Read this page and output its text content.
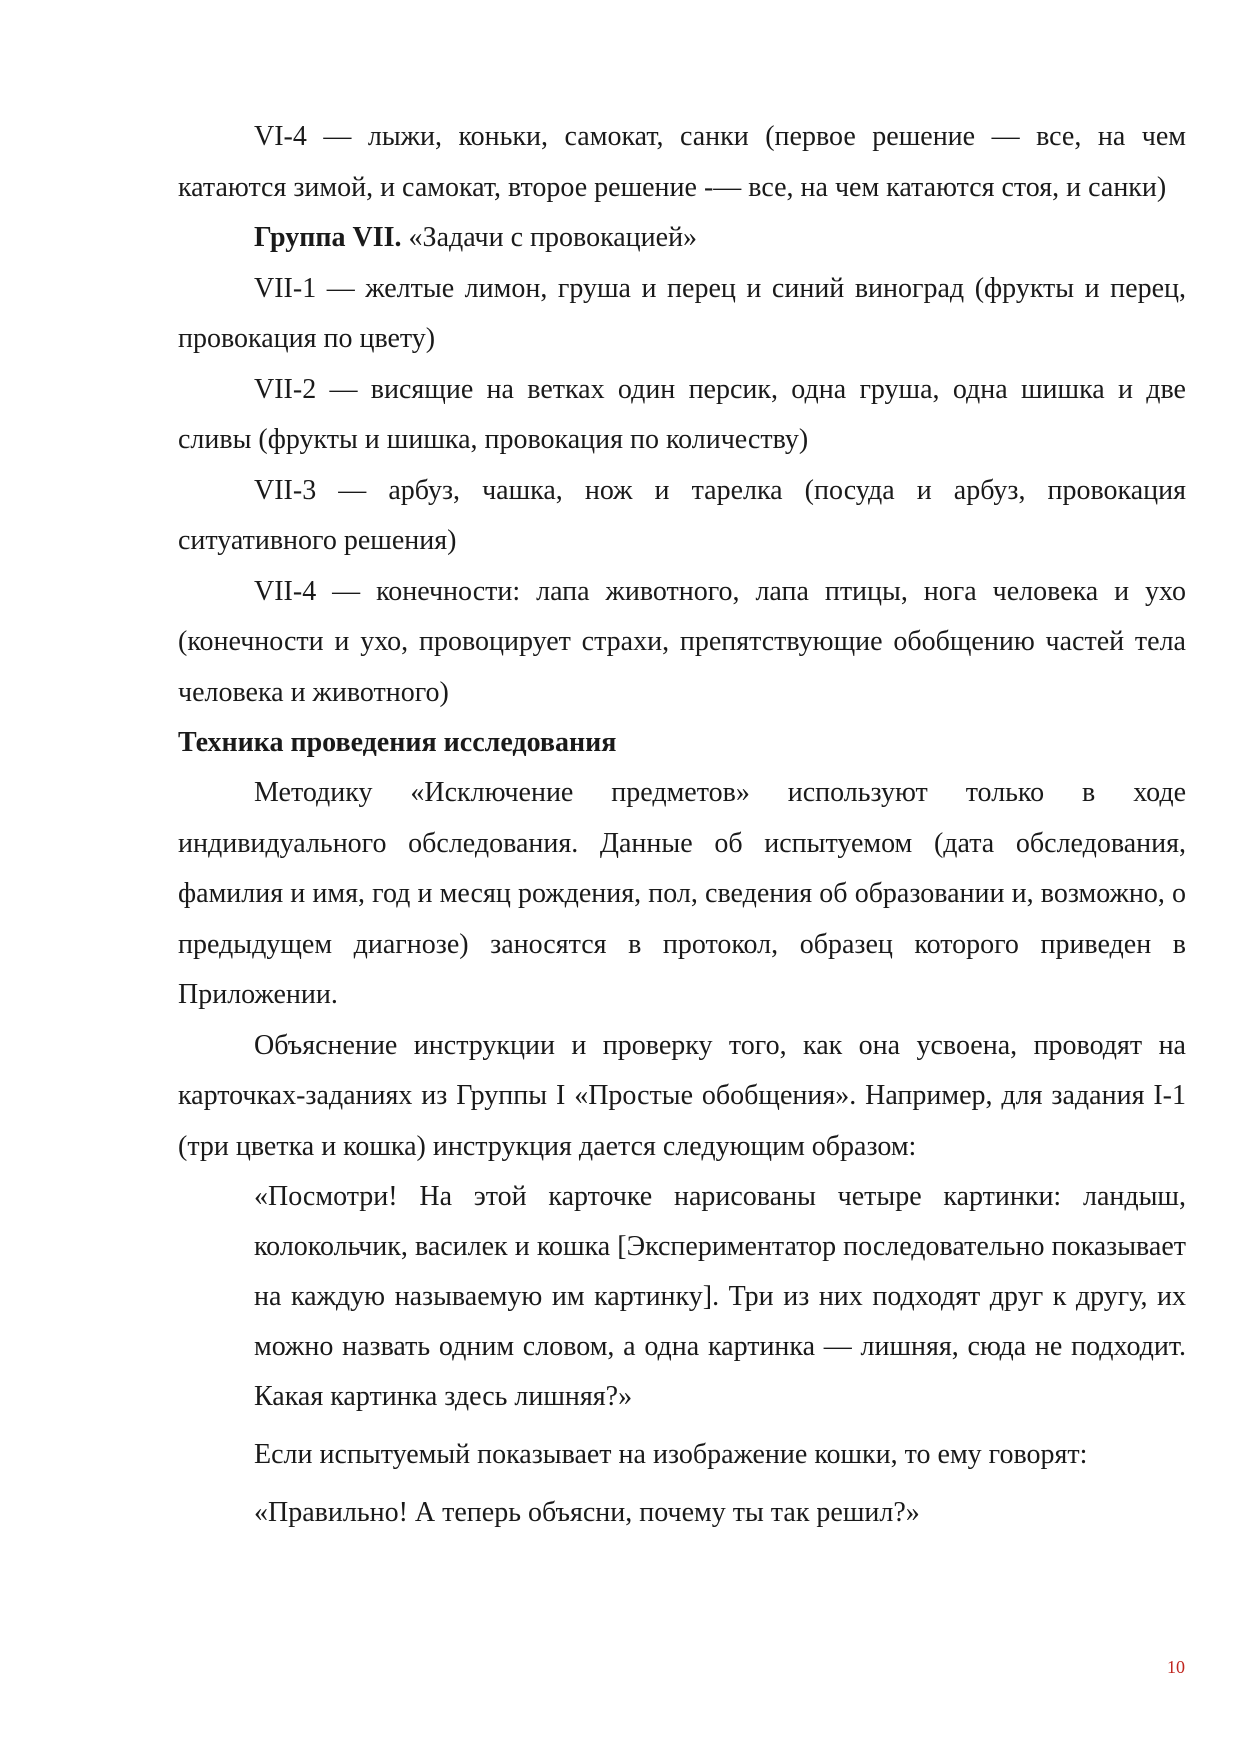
VI-4 — лыжи, коньки, самокат, санки (первое решение — все, на чем катаются зимой, и самокат, второе решение -— все, на чем катаются стоя, и санки)

Группа VII. «Задачи с провокацией»

VII-1 — желтые лимон, груша и перец и синий виноград (фрукты и перец, провокация по цвету)

VII-2 — висящие на ветках один персик, одна груша, одна шишка и две сливы (фрукты и шишка, провокация по количеству)

VII-3 — арбуз, чашка, нож и тарелка (посуда и арбуз, провокация ситуативного решения)

VII-4 — конечности: лапа животного, лапа птицы, нога человека и ухо (конечности и ухо, провоцирует страхи, препятствующие обобщению частей тела человека и животного)

Техника проведения исследования

Методику «Исключение предметов» используют только в ходе индивидуального обследования. Данные об испытуемом (дата обследования, фамилия и имя, год и месяц рождения, пол, сведения об образовании и, возможно, о предыдущем диагнозе) заносятся в протокол, образец которого приведен в Приложении.

Объяснение инструкции и проверку того, как она усвоена, проводят на карточках-заданиях из Группы I «Простые обобщения». Например, для задания I-1 (три цветка и кошка) инструкция дается следующим образом:

«Посмотри! На этой карточке нарисованы четыре картинки: ландыш, колокольчик, василек и кошка [Экспериментатор последовательно показывает на каждую называемую им картинку]. Три из них подходят друг к другу, их можно назвать одним словом, а одна картинка — лишняя, сюда не подходит. Какая картинка здесь лишняя?»

Если испытуемый показывает на изображение кошки, то ему говорят:

«Правильно! А теперь объясни, почему ты так решил?»

10
